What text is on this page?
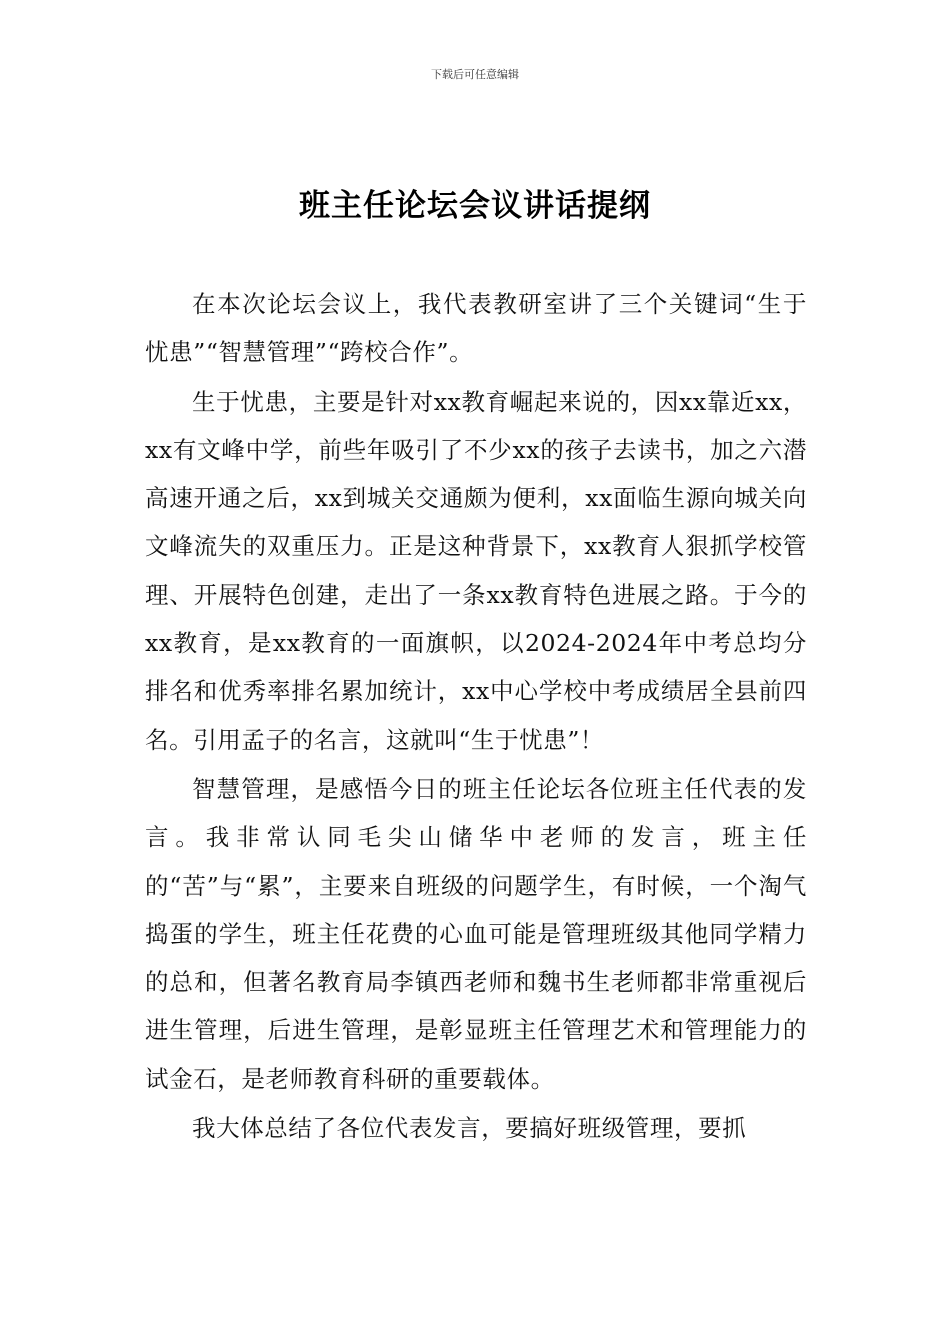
下载后可任意编辑
班主任论坛会议讲话提纲

在本次论坛会议上，我代表教研室讲了三个关键词“生于忧患”“智慧管理”“跨校合作”。

生于忧患，主要是针对xx教育崛起来说的，因xx靠近xx，xx有文峰中学，前些年吸引了不少xx的孩子去读书，加之六潜高速开通之后，xx到城关交通颇为便利，xx面临生源向城关向文峰流失的双重压力。正是这种背景下，xx教育人狠抓学校管理、开展特色创建，走出了一条xx教育特色进展之路。于今的xx教育，是xx教育的一面旗帜，以2024-2024年中考总均分排名和优秀率排名累加统计，xx中心学校中考成绩居全县前四名。引用孟子的名言，这就叫“生于忧患”！

智慧管理，是感悟今日的班主任论坛各位班主任代表的发言。我非常认同毛尖山储华中老师的发言，班主任的“苦”与“累”，主要来自班级的问题学生，有时候，一个淘气捣蛋的学生，班主任花费的心血可能是管理班级其他同学精力的总和，但著名教育局李镇西老师和魏书生老师都非常重视后进生管理，后进生管理，是彰显班主任管理艺术和管理能力的试金石，是老师教育科研的重要载体。

我大体总结了各位代表发言，要搞好班级管理，要抓
